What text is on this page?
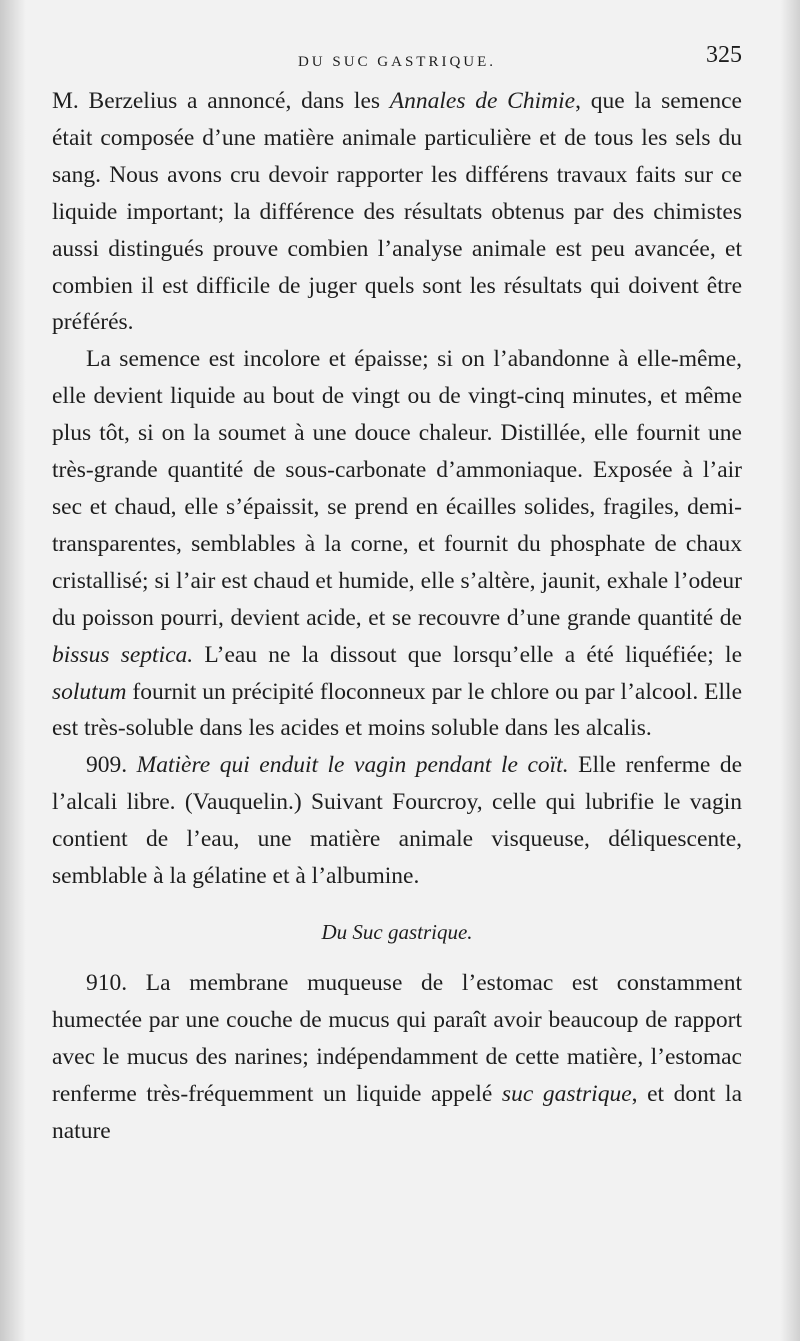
DU SUC GASTRIQUE.	325

M. Berzelius a annoncé, dans les Annales de Chimie, que la semence était composée d’une matière animale particulière et de tous les sels du sang. Nous avons cru devoir rapporter les différens travaux faits sur ce liquide important; la différence des résultats obtenus par des chimistes aussi distingués prouve combien l’analyse animale est peu avancée, et combien il est difficile de juger quels sont les résultats qui doivent être préférés.

La semence est incolore et épaisse; si on l’abandonne à elle-même, elle devient liquide au bout de vingt ou de vingt-cinq minutes, et même plus tôt, si on la soumet à une douce chaleur. Distillée, elle fournit une très-grande quantité de sous-carbonate d’ammoniaque. Exposée à l’air sec et chaud, elle s’épaissit, se prend en écailles solides, fragiles, demi-transparentes, semblables à la corne, et fournit du phosphate de chaux cristallisé; si l’air est chaud et humide, elle s’altère, jaunit, exhale l’odeur du poisson pourri, devient acide, et se recouvre d’une grande quantité de bissus septica. L’eau ne la dissout que lorsqu’elle a été liquéfiée; le solutum fournit un précipité floconneux par le chlore ou par l’alcool. Elle est très-soluble dans les acides et moins soluble dans les alcalis.

909. Matière qui enduit le vagin pendant le coït. Elle renferme de l’alcali libre. (Vauquelin.) Suivant Fourcroy, celle qui lubrifie le vagin contient de l’eau, une matière animale visqueuse, déliquescente, semblable à la gélatine et à l’albumine.

Du Suc gastrique.

910. La membrane muqueuse de l’estomac est constamment humectée par une couche de mucus qui paraît avoir beaucoup de rapport avec le mucus des narines; indépendamment de cette matière, l’estomac renferme très-fréquemment un liquide appelé suc gastrique, et dont la nature
